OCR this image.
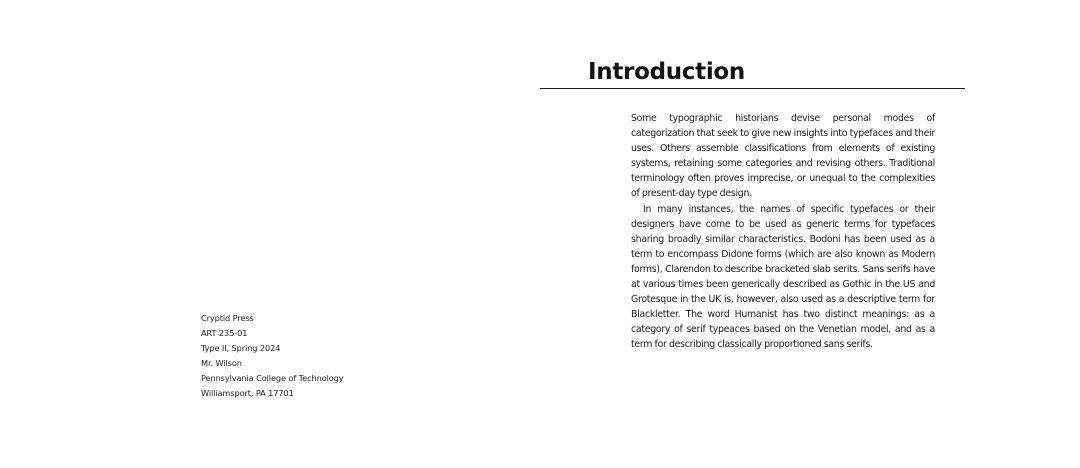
Cryptid Press
ART 235-01
Type II, Spring 2024
Mr. Wilson
Pennsylvania College of Technology
Williamsport, PA 17701
Introduction

Some typographic historians devise personal modes of categorization that seek to give new insights into typefaces and their uses. Others assemble classifications from elements of existing systems, retaining some categories and revising others. Traditional terminology often proves imprecise, or unequal to the complexities of present-day type design.

In many instances, the names of specific typefaces or their designers have come to be used as generic terms for typefaces sharing broadly similar characteristics. Bodoni has been used as a term to encompass Didone forms (which are also known as Modern forms), Clarendon to describe bracketed slab serits. Sans serifs have at various times been generically described as Gothic in the US and Grotesque in the UK is, however, also used as a descriptive term for Blackletter. The word Humanist has two distinct meanings: as a category of serif typeaces based on the Venetian model, and as a term for describing classically proportioned sans serifs.
